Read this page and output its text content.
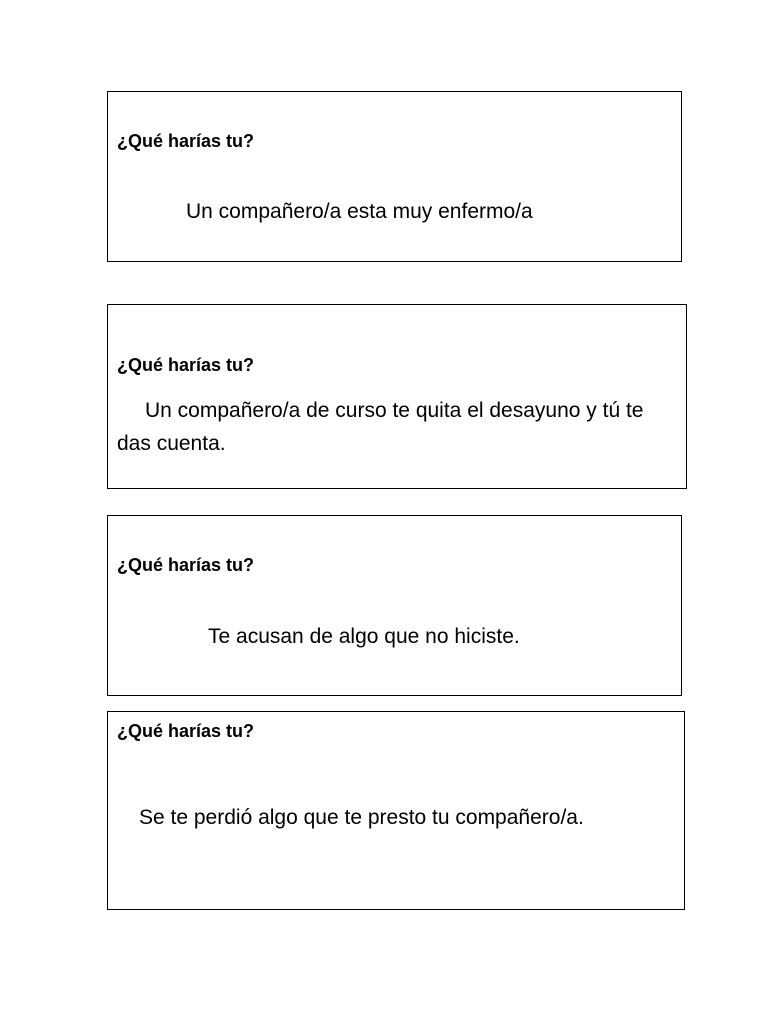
¿Qué harías tu?
Un compañero/a esta muy enfermo/a
¿Qué harías tu?
Un compañero/a de curso te quita el desayuno y tú te das cuenta.
¿Qué harías tu?
Te acusan de algo que no hiciste.
¿Qué harías tu?
Se te perdió algo que te presto tu compañero/a.
